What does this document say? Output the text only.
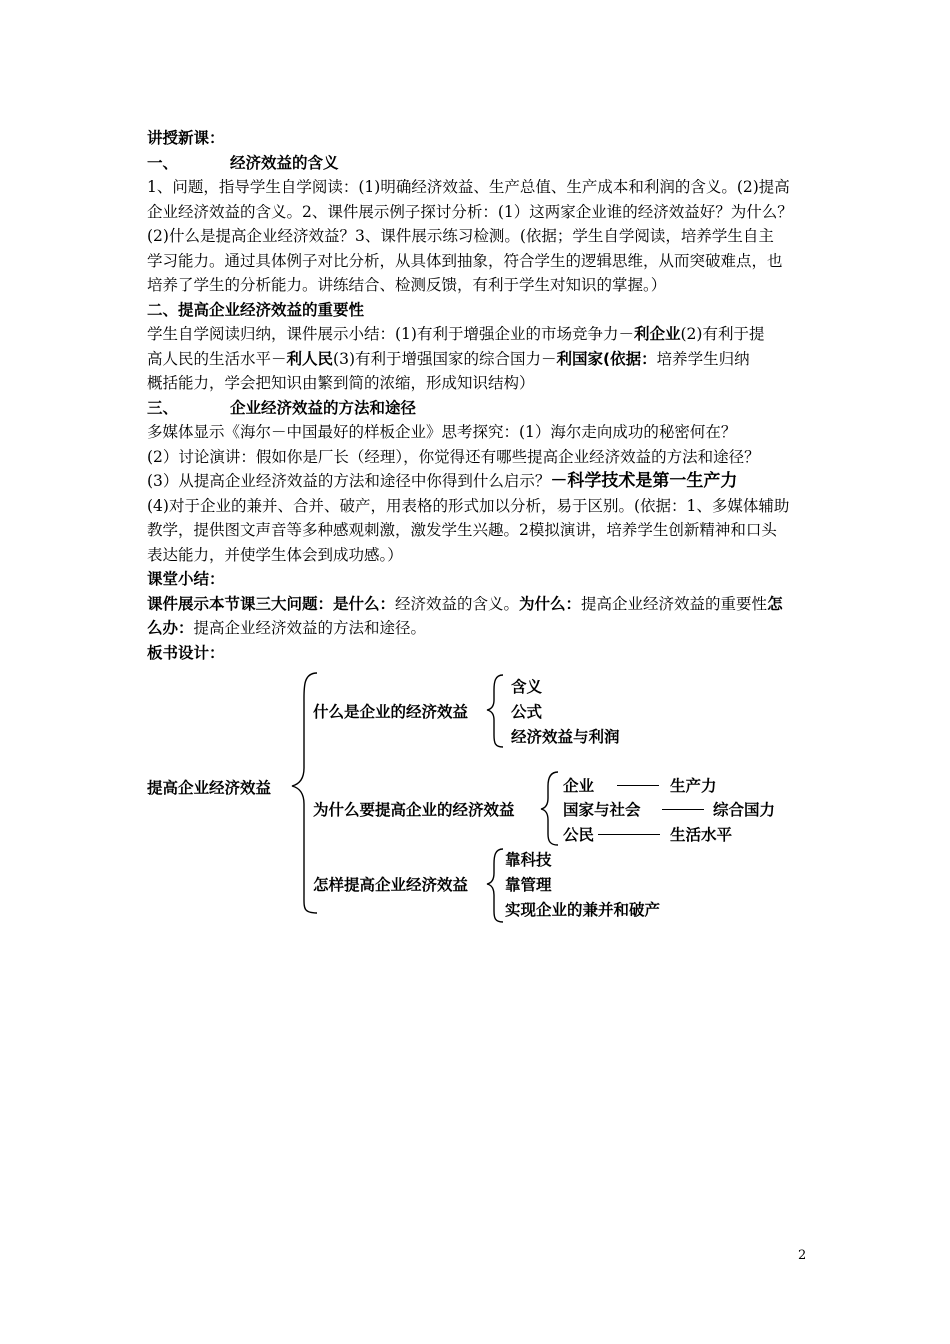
讲授新课：
一、	经济效益的含义
1、问题，指导学生自学阅读：(1)明确经济效益、生产总值、生产成本和利润的含义。(2)提高
企业经济效益的含义。2、课件展示例子探讨分析：(1）这两家企业谁的经济效益好？为什么？
(2)什么是提高企业经济效益？3、课件展示练习检测。(依据；学生自学阅读，培养学生自主
学习能力。通过具体例子对比分析，从具体到抽象，符合学生的逻辑思维，从而突破难点，也
培养了学生的分析能力。讲练结合、检测反馈，有利于学生对知识的掌握。）
二、提高企业经济效益的重要性
学生自学阅读归纳，课件展示小结：(1)有利于增强企业的市场竞争力－利企业(2)有利于提
高人民的生活水平－利人民(3)有利于增强国家的综合国力－利国家(依据：培养学生归纳
概括能力，学会把知识由繁到简的浓缩，形成知识结构）
三、	企业经济效益的方法和途径
多媒体显示《海尔－中国最好的样板企业》思考探究：(1）海尔走向成功的秘密何在？
(2）讨论演讲：假如你是厂长（经理），你觉得还有哪些提高企业经济效益的方法和途径？
(3）从提高企业经济效益的方法和途径中你得到什么启示？－科学技术是第一生产力
(4)对于企业的兼并、合并、破产，用表格的形式加以分析，易于区别。(依据：1、多媒体辅助
教学，提供图文声音等多种感观刺激，激发学生兴趣。2模拟演讲，培养学生创新精神和口头
表达能力，并使学生体会到成功感。）
课堂小结：
课件展示本节课三大问题：是什么：经济效益的含义。为什么：提高企业经济效益的重要性怎
么办：提高企业经济效益的方法和途径。
板书设计：
提高企业经济效益
什么是企业的经济效益
含义
公式
经济效益与利润
为什么要提高企业的经济效益
企业	生产力
国家与社会	综合国力
公民	生活水平
怎样提高企业经济效益
靠科技
靠管理
实现企业的兼并和破产
2
